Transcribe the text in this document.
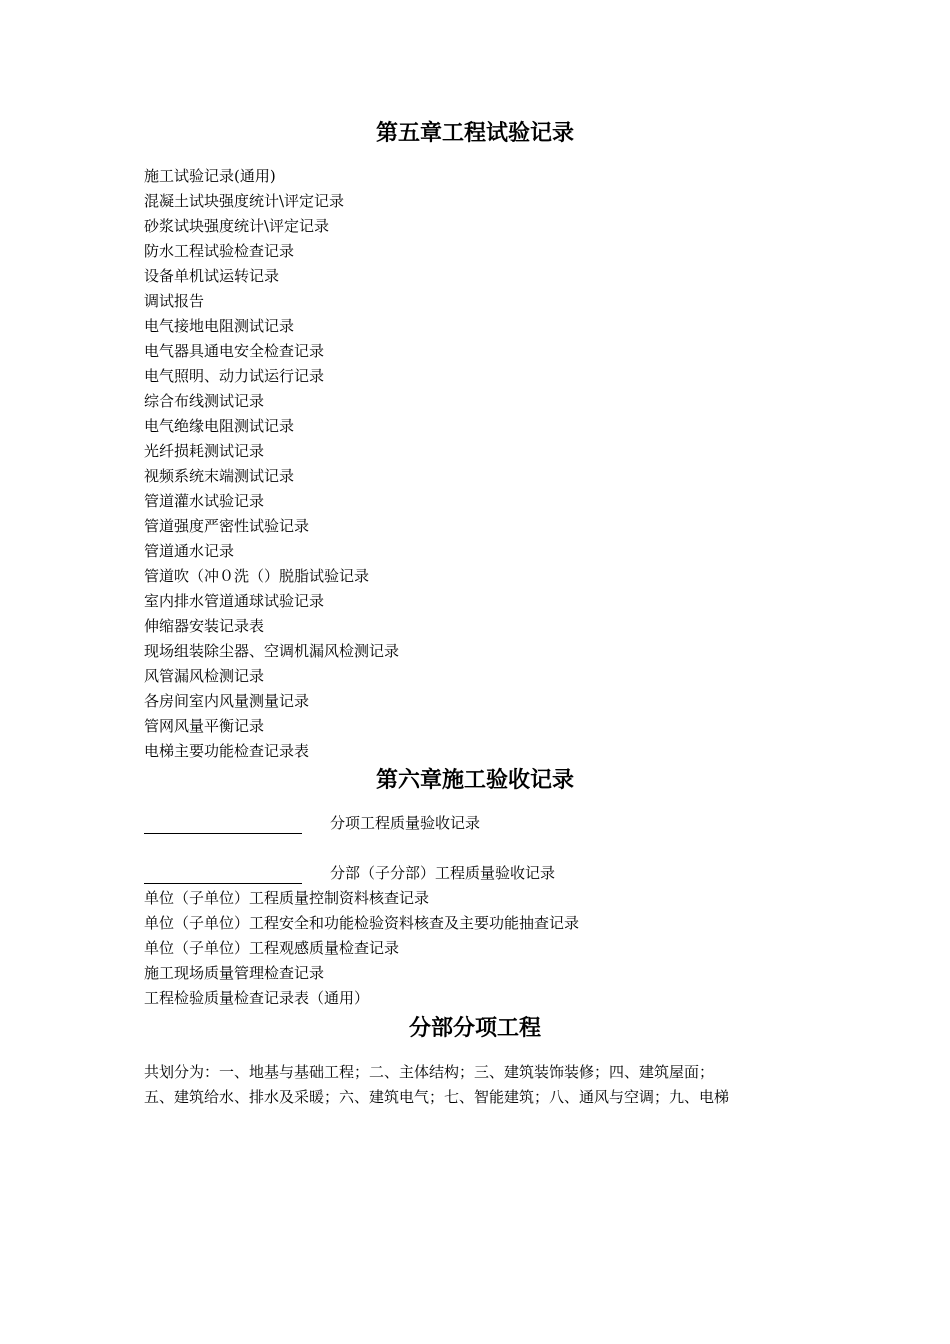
第五章工程试验记录
施工试验记录(通用)
混凝土试块强度统计\评定记录
砂浆试块强度统计\评定记录
防水工程试验检查记录
设备单机试运转记录
调试报告
电气接地电阻测试记录
电气器具通电安全检查记录
电气照明、动力试运行记录
综合布线测试记录
电气绝缘电阻测试记录
光纤损耗测试记录
视频系统末端测试记录
管道灌水试验记录
管道强度严密性试验记录
管道通水记录
管道吹（冲０洗（）脱脂试验记录
室内排水管道通球试验记录
伸缩器安装记录表
现场组装除尘器、空调机漏风检测记录
风管漏风检测记录
各房间室内风量测量记录
管网风量平衡记录
电梯主要功能检查记录表
第六章施工验收记录
分项工程质量验收记录
分部（子分部）工程质量验收记录
单位（子单位）工程质量控制资料核查记录
单位（子单位）工程安全和功能检验资料核查及主要功能抽查记录
单位（子单位）工程观感质量检查记录
施工现场质量管理检查记录
工程检验质量检查记录表（通用）
分部分项工程

共划分为：一、地基与基础工程；二、主体结构；三、建筑装饰装修；四、建筑屋面；
五、建筑给水、排水及采暖；六、建筑电气；七、智能建筑；八、通风与空调；九、电梯
